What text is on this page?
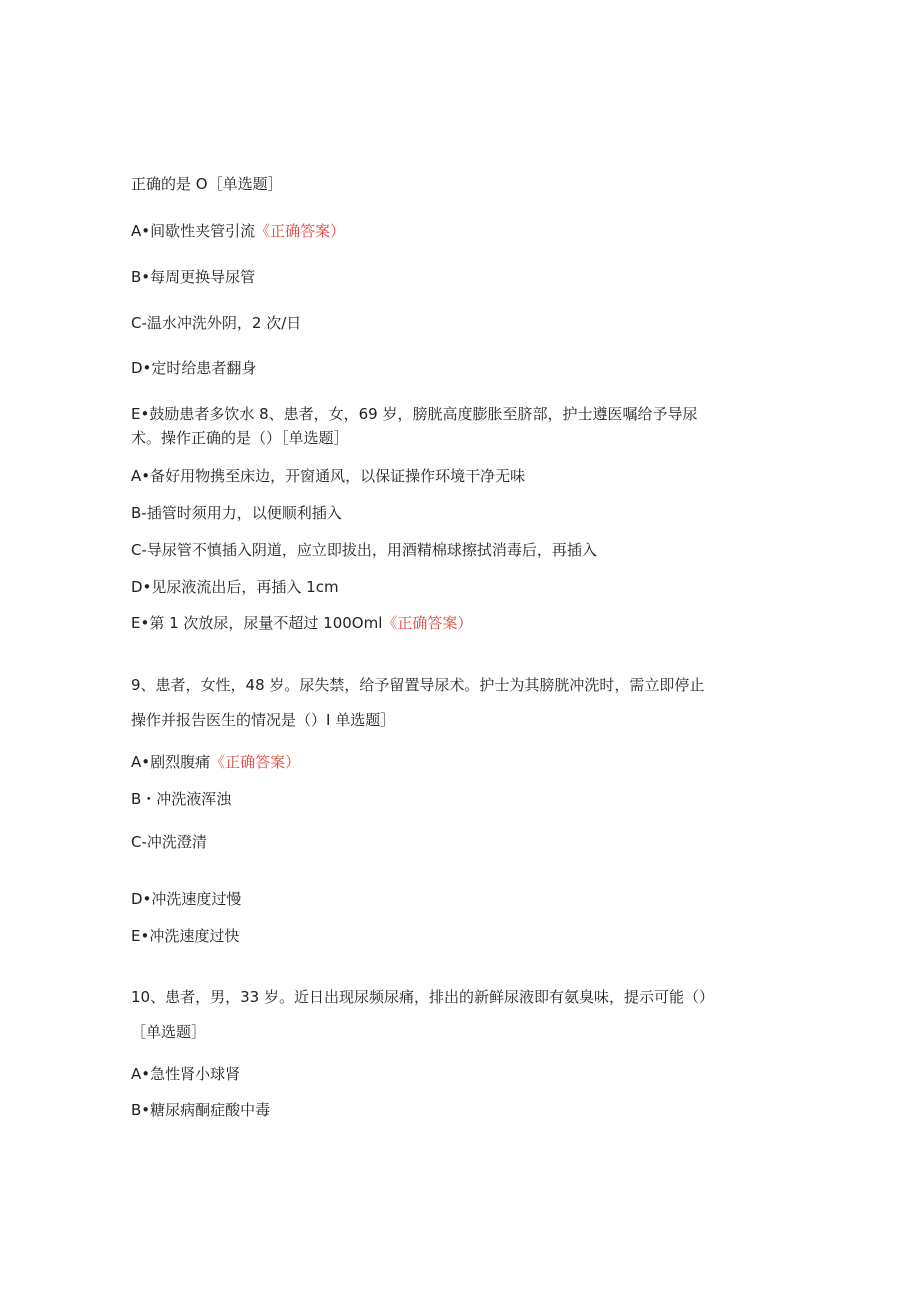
正确的是 O［单选题］
A•间歇性夹管引流《正确答案）
B•每周更换导尿管
C-温水冲洗外阴，2 次/日
D•定时给患者翻身
E•鼓励患者多饮水 8、患者，女，69 岁，膀胱高度膨胀至脐部，护士遵医嘱给予导尿
术。操作正确的是（）［单选题］
A•备好用物携至床边，开窗通风，以保证操作环境干净无味
B-插管时须用力，以便顺利插入
C-导尿管不慎插入阴道，应立即拔出，用酒精棉球擦拭消毒后，再插入
D•见尿液流出后，再插入 1cm
E•第 1 次放尿，尿量不超过 100Oml《正确答案）
9、患者，女性，48 岁。尿失禁，给予留置导尿术。护士为其膀胱冲洗时，需立即停止
操作并报告医生的情况是（）I 单选题］
A•剧烈腹痛《正确答案）
B・冲洗液浑浊
C-冲洗澄清
D•冲洗速度过慢
E•冲洗速度过快
10、患者，男，33 岁。近日出现尿频尿痛，排出的新鲜尿液即有氨臭味，提示可能（）
［单选题］
A•急性肾小球肾
B•糖尿病酮症酸中毒
